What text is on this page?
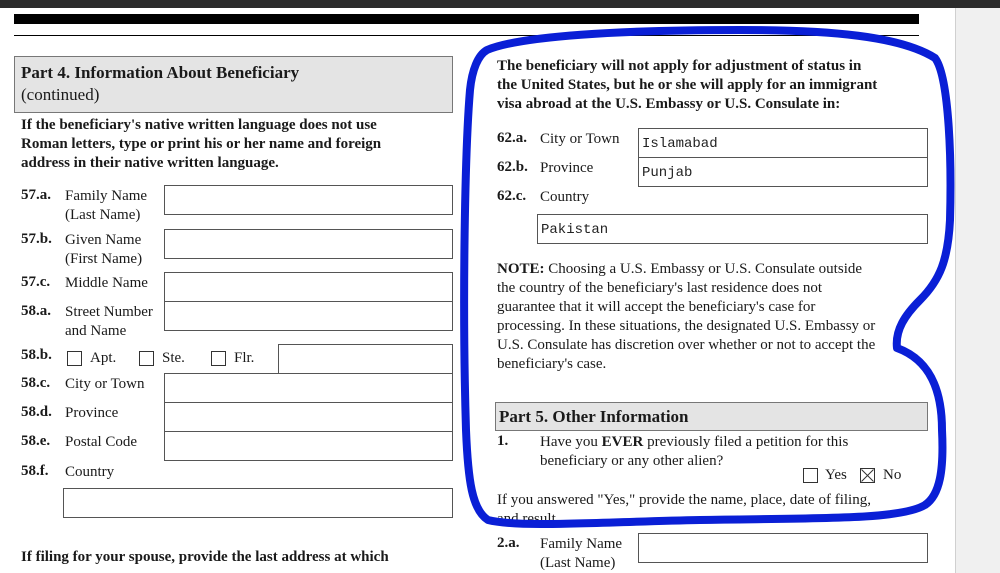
Part 4. Information About Beneficiary
(continued)
If the beneficiary's native written language does not use
Roman letters, type or print his or her name and foreign
address in their native written language.
57.a. Family Name
(Last Name)
57.b. Given Name
(First Name)
57.c. Middle Name
58.a. Street Number
and Name
58.b.	Apt.	Ste.	Flr.
58.c. City or Town
58.d. Province
58.e. Postal Code
58.f. Country
If filing for your spouse, provide the last address at which
The beneficiary will not apply for adjustment of status in
the United States, but he or she will apply for an immigrant
visa abroad at the U.S. Embassy or U.S. Consulate in:
62.a. City or Town Islamabad
62.b. Province	Punjab
62.c. Country
Pakistan
NOTE: Choosing a U.S. Embassy or U.S. Consulate outside
the country of the beneficiary's last residence does not
guarantee that it will accept the beneficiary's case for
processing. In these situations, the designated U.S. Embassy or
U.S. Consulate has discretion over whether or not to accept the
beneficiary's case.
Part 5. Other Information
1. Have you EVER previously filed a petition for this
beneficiary or any other alien?
Yes No
If you answered "Yes," provide the name, place, date of filing,
and result.
2.a. Family Name
(Last Name)
